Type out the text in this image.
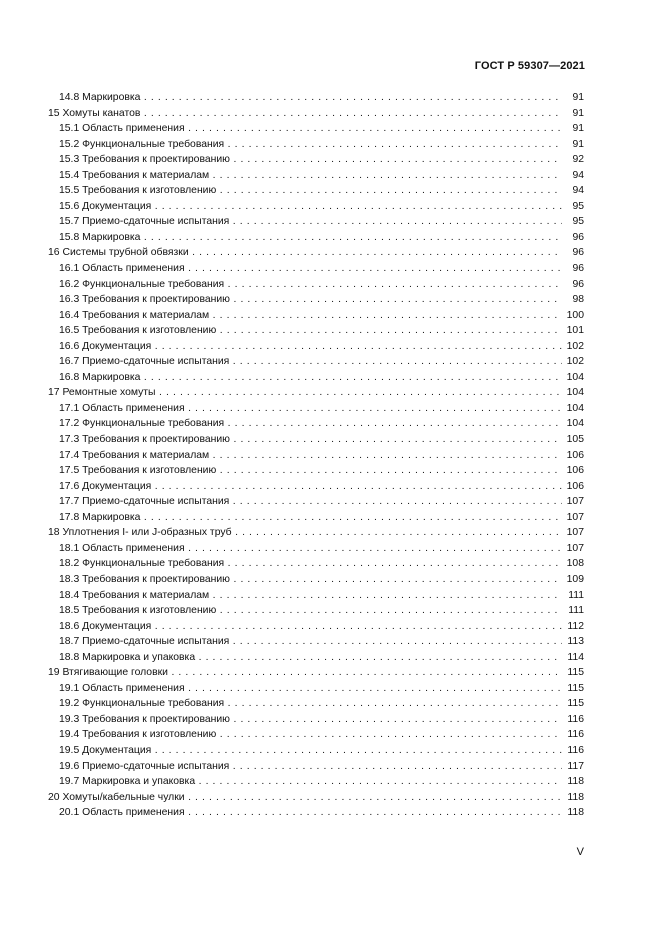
ГОСТ Р 59307—2021
14.8 Маркировка . . .	91
15 Хомуты канатов . . .	91
15.1 Область применения . . .	91
15.2 Функциональные требования . . .	91
15.3 Требования к проектированию . . .	92
15.4 Требования к материалам . . .	94
15.5 Требования к изготовлению . . .	94
15.6 Документация . . .	95
15.7 Приемо-сдаточные испытания . . .	95
15.8 Маркировка . . .	96
16 Системы трубной обвязки . . .	96
16.1 Область применения . . .	96
16.2 Функциональные требования . . .	96
16.3 Требования к проектированию . . .	98
16.4 Требования к материалам . . .	100
16.5 Требования к изготовлению . . .	101
16.6 Документация . . .	102
16.7 Приемо-сдаточные испытания . . .	102
16.8 Маркировка . . .	104
17 Ремонтные хомуты . . .	104
17.1 Область применения . . .	104
17.2 Функциональные требования . . .	104
17.3 Требования к проектированию . . .	105
17.4 Требования к материалам . . .	106
17.5 Требования к изготовлению . . .	106
17.6 Документация . . .	106
17.7 Приемо-сдаточные испытания . . .	107
17.8 Маркировка . . .	107
18 Уплотнения I- или J-образных труб . . .	107
18.1 Область применения . . .	107
18.2 Функциональные требования . . .	108
18.3 Требования к проектированию . . .	109
18.4 Требования к материалам . . .	111
18.5 Требования к изготовлению . . .	111
18.6 Документация . . .	112
18.7 Приемо-сдаточные испытания . . .	113
18.8 Маркировка и упаковка . . .	114
19 Втягивающие головки . . .	115
19.1 Область применения . . .	115
19.2 Функциональные требования . . .	115
19.3 Требования к проектированию . . .	116
19.4 Требования к изготовлению . . .	116
19.5 Документация . . .	116
19.6 Приемо-сдаточные испытания . . .	117
19.7 Маркировка и упаковка . . .	118
20 Хомуты/кабельные чулки . . .	118
20.1 Область применения . . .	118
V
